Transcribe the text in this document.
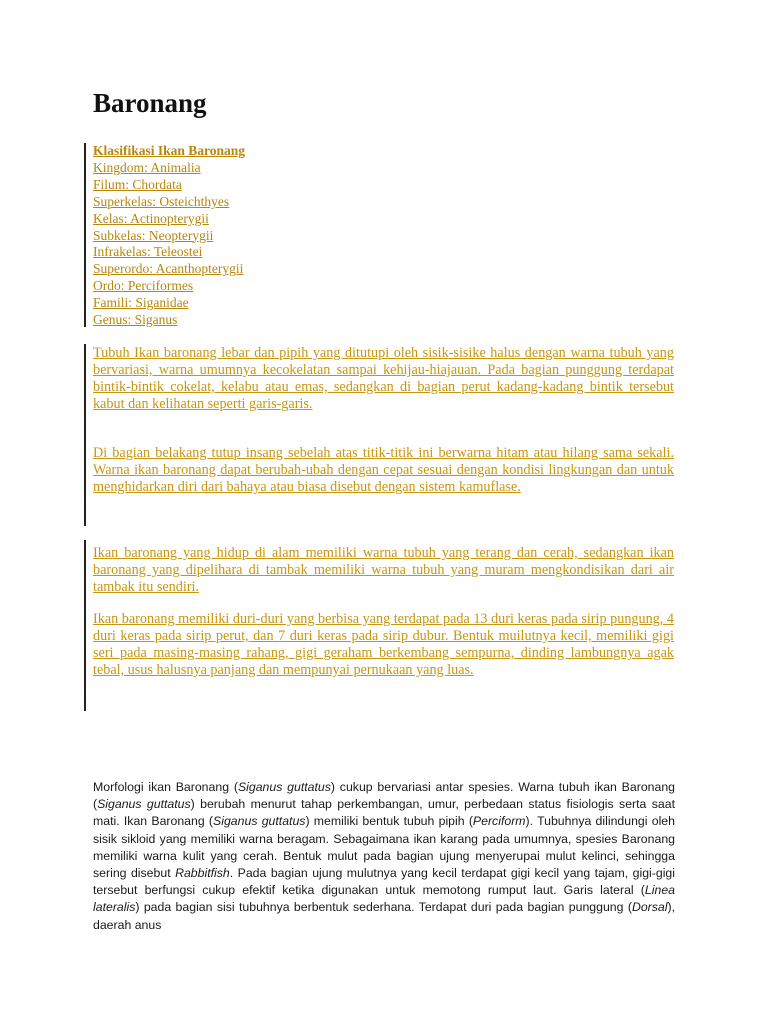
Baronang
Klasifikasi Ikan Baronang
Kingdom: Animalia
Filum: Chordata
Superkelas: Osteichthyes
Kelas: Actinopterygii
Subkelas: Neopterygii
Infrakelas: Teleostei
Superordo: Acanthopterygii
Ordo: Perciformes
Famili: Siganidae
Genus: Siganus

Tubuh Ikan baronang lebar dan pipih yang ditutupi oleh sisik-sisike halus dengan warna tubuh yang bervariasi, warna umumnya kecokelatan sampai kehijau-hiajauan. Pada bagian punggung terdapat bintik-bintik cokelat, kelabu atau emas, sedangkan di bagian perut kadang-kadang bintik tersebut kabut dan kelihatan seperti garis-garis.

Di bagian belakang tutup insang sebelah atas titik-titik ini berwarna hitam atau hilang sama sekali. Warna ikan baronang dapat berubah-ubah dengan cepat sesuai dengan kondisi lingkungan dan untuk menghidarkan diri dari bahaya atau biasa disebut dengan sistem kamuflase.

Ikan baronang yang hidup di alam memiliki warna tubuh yang terang dan cerah, sedangkan ikan baronang yang dipelihara di tambak memiliki warna tubuh yang muram mengkondisikan dari air tambak itu sendiri.

Ikan baronang memiliki duri-duri yang berbisa yang terdapat pada 13 duri keras pada sirip pungung, 4 duri keras pada sirip perut, dan 7 duri keras pada sirip dubur. Bentuk muilutnya kecil, memiliki gigi seri pada masing-masing rahang, gigi geraham berkembang sempurna, dinding lambungnya agak tebal, usus halusnya panjang dan mempunyai pernukaan yang luas.

Morfologi ikan Baronang (Siganus guttatus) cukup bervariasi antar spesies. Warna tubuh ikan Baronang (Siganus guttatus) berubah menurut tahap perkembangan, umur, perbedaan status fisiologis serta saat mati. Ikan Baronang (Siganus guttatus) memiliki bentuk tubuh pipih (Perciform). Tubuhnya dilindungi oleh sisik sikloid yang memiliki warna beragam. Sebagaimana ikan karang pada umumnya, spesies Baronang memiliki warna kulit yang cerah. Bentuk mulut pada bagian ujung menyerupai mulut kelinci, sehingga sering disebut Rabbitfish. Pada bagian ujung mulutnya yang kecil terdapat gigi kecil yang tajam, gigi-gigi tersebut berfungsi cukup efektif ketika digunakan untuk memotong rumput laut. Garis lateral (Linea lateralis) pada bagian sisi tubuhnya berbentuk sederhana. Terdapat duri pada bagian punggung (Dorsal), daerah anus
